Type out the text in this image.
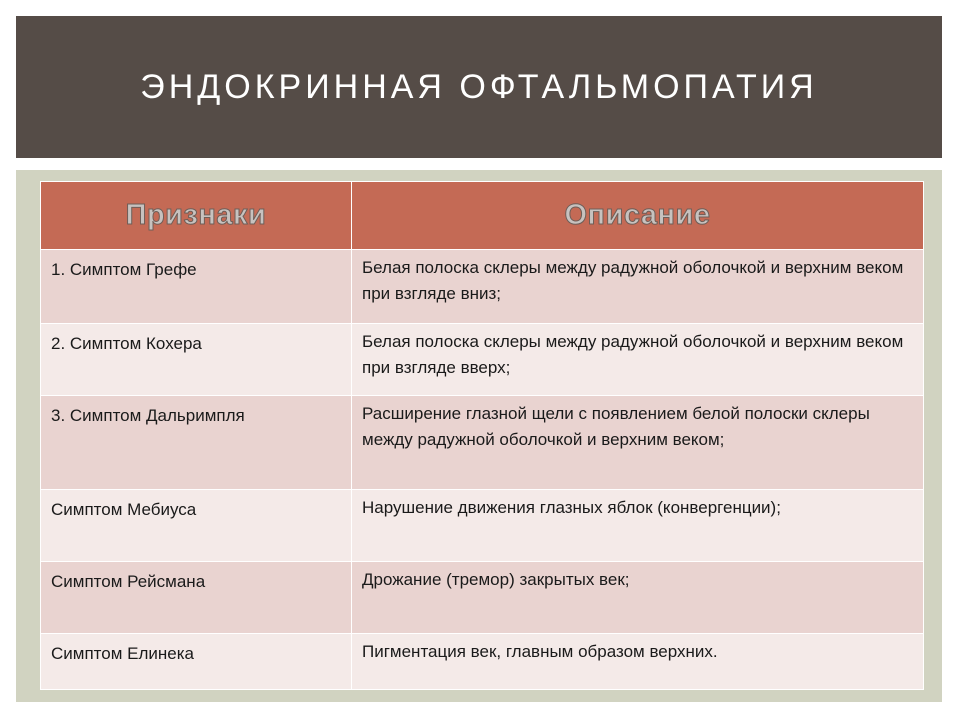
ЭНДОКРИННАЯ ОФТАЛЬМОПАТИЯ
Признаки	Описание
1. Симптом Грефе	Белая полоска склеры между радужной оболочкой и верхним веком при взгляде вниз;
2. Симптом Кохера	Белая полоска склеры между радужной оболочкой и верхним веком при взгляде вверх;
3. Симптом Дальримпля	Расширение глазной щели с появлением белой полоски склеры между радужной оболочкой и верхним веком;
Симптом Мебиуса	Нарушение движения глазных яблок (конвергенции);
Симптом Рейсмана	Дрожание (тремор) закрытых век;
Симптом Елинека	Пигментация век, главным образом верхних.
